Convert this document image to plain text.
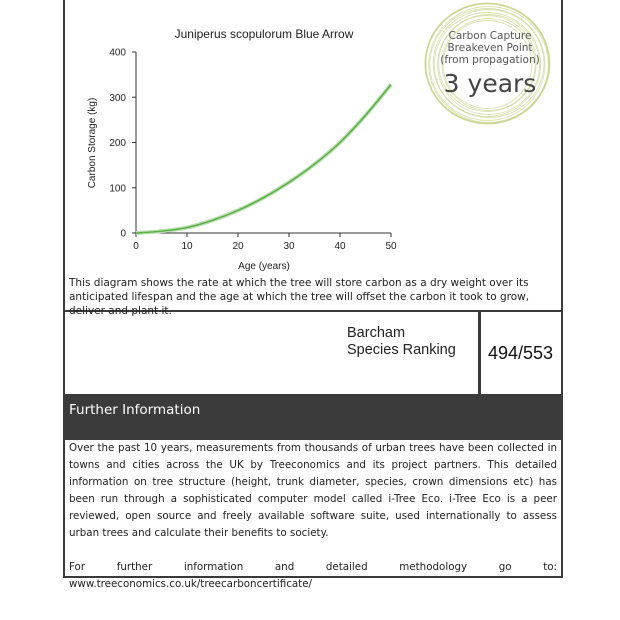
Juniperus scopulorum Blue Arrow
0
100
200
300
400
0	10	20	30	40	50
Age (years)
Carbon Storage (kg)
Carbon Capture
Breakeven Point
(from propagation)
3 years
This diagram shows the rate at which the tree will store carbon as a dry weight over its anticipated lifespan and the age at which the tree will offset the carbon it took to grow, deliver and plant it.
Barcham
Species Ranking 494/553
Further Information

Over the past 10 years, measurements from thousands of urban trees have been collected in towns and cities across the UK by Treeconomics and its project partners. This detailed information on tree structure (height, trunk diameter, species, crown dimensions etc) has been run through a sophisticated computer model called i-Tree Eco. i-Tree Eco is a peer reviewed, open source and freely available software suite, used internationally to assess urban trees and calculate their benefits to society.

For further information and detailed methodology go to: www.treeconomics.co.uk/treecarboncertificate/
